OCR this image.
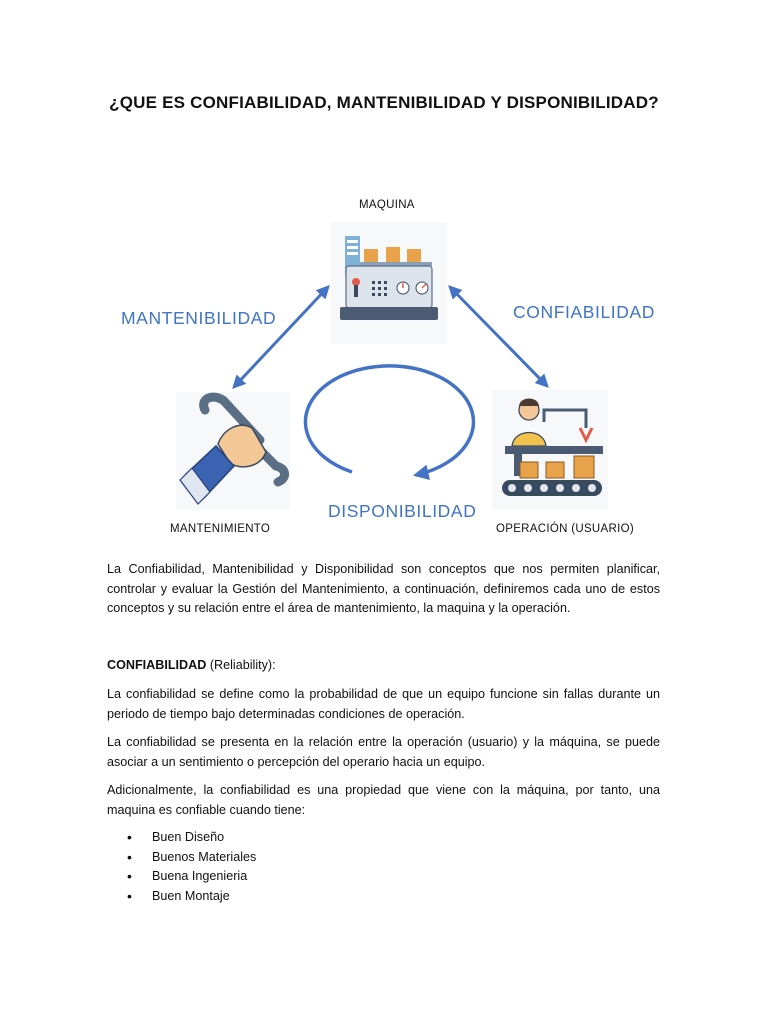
¿QUE ES CONFIABILIDAD, MANTENIBILIDAD Y DISPONIBILIDAD?
MAQUINA
MANTENIMIENTO	OPERACIÓN (USUARIO)
MANTENIBILIDAD	CONFIABILIDAD
DISPONIBILIDAD
La Confiabilidad, Mantenibilidad y Disponibilidad son conceptos que nos permiten planificar, controlar y evaluar la Gestión del Mantenimiento, a continuación, definiremos cada uno de estos conceptos y su relación entre el área de mantenimiento, la maquina y la operación.
CONFIABILIDAD (Reliability):
La confiabilidad se define como la probabilidad de que un equipo funcione sin fallas durante un periodo de tiempo bajo determinadas condiciones de operación.
La confiabilidad se presenta en la relación entre la operación (usuario) y la máquina, se puede asociar a un sentimiento o percepción del operario hacia un equipo.
Adicionalmente, la confiabilidad es una propiedad que viene con la máquina, por tanto, una maquina es confiable cuando tiene:
• Buen Diseño
• Buenos Materiales
• Buena Ingenieria
• Buen Montaje
